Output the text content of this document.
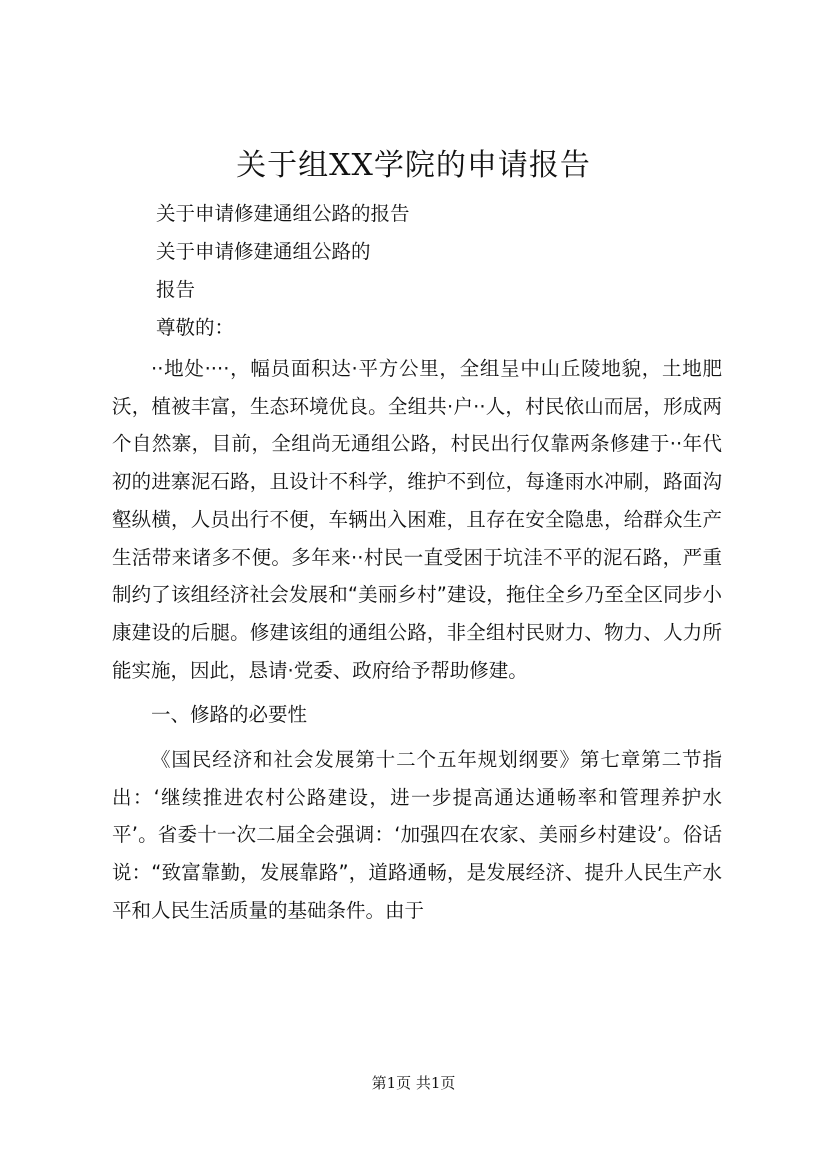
关于组XX学院的申请报告
关于申请修建通组公路的报告
关于申请修建通组公路的
报告
尊敬的：

··地处····，幅员面积达·平方公里，全组呈中山丘陵地貌，土地肥沃，植被丰富，生态环境优良。全组共·户··人，村民依山而居，形成两个自然寨，目前，全组尚无通组公路，村民出行仅靠两条修建于··年代初的进寨泥石路，且设计不科学，维护不到位，每逢雨水冲刷，路面沟壑纵横，人员出行不便，车辆出入困难，且存在安全隐患，给群众生产生活带来诸多不便。多年来··村民一直受困于坑洼不平的泥石路，严重制约了该组经济社会发展和“美丽乡村”建设，拖住全乡乃至全区同步小康建设的后腿。修建该组的通组公路，非全组村民财力、物力、人力所能实施，因此，恳请·党委、政府给予帮助修建。

一、修路的必要性

《国民经济和社会发展第十二个五年规划纲要》第七章第二节指出：‘继续推进农村公路建设，进一步提高通达通畅率和管理养护水平’。省委十一次二届全会强调：‘加强四在农家、美丽乡村建设’。俗话说：“致富靠勤，发展靠路”，道路通畅，是发展经济、提升人民生产水平和人民生活质量的基础条件。由于

第1页 共1页
